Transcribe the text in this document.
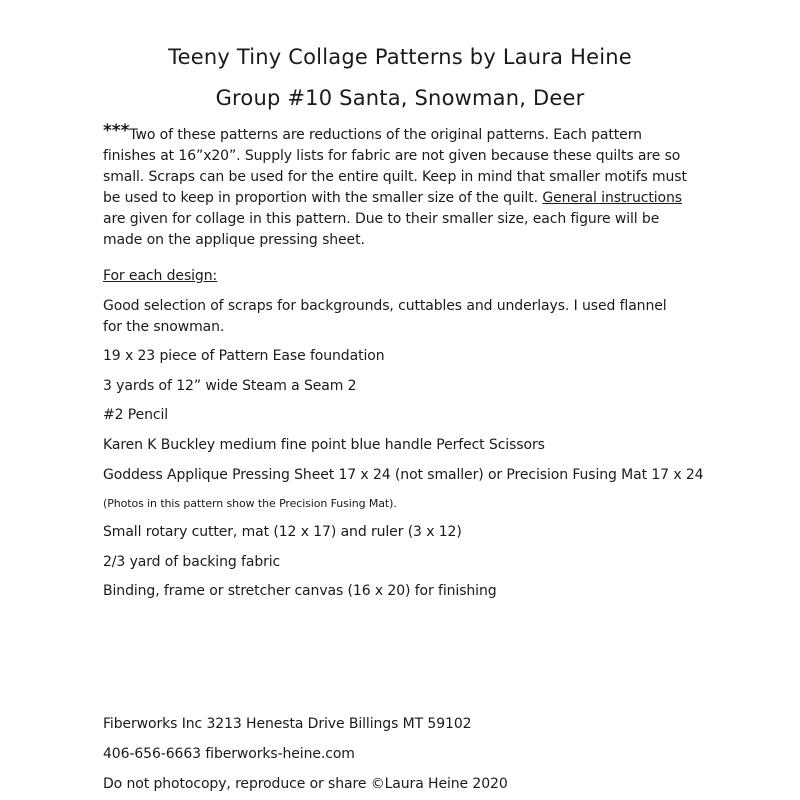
Teeny Tiny Collage Patterns by Laura Heine
Group #10 Santa, Snowman, Deer
***Two of these patterns are reductions of the original patterns. Each pattern finishes at 16”x20”. Supply lists for fabric are not given because these quilts are so small. Scraps can be used for the entire quilt. Keep in mind that smaller motifs must be used to keep in proportion with the smaller size of the quilt. General instructions are given for collage in this pattern. Due to their smaller size, each figure will be made on the applique pressing sheet.
For each design:
Good selection of scraps for backgrounds, cuttables and underlays. I used flannel for the snowman.
19 x 23 piece of Pattern Ease foundation
3 yards of 12” wide Steam a Seam 2
#2 Pencil
Karen K Buckley medium fine point blue handle Perfect Scissors
Goddess Applique Pressing Sheet 17 x 24 (not smaller) or Precision Fusing Mat 17 x 24
(Photos in this pattern show the Precision Fusing Mat).
Small rotary cutter, mat (12 x 17) and ruler (3 x 12)
2/3 yard of backing fabric
Binding, frame or stretcher canvas (16 x 20) for finishing
Fiberworks Inc 3213 Henesta Drive Billings MT 59102
406-656-6663 fiberworks-heine.com
Do not photocopy, reproduce or share ©Laura Heine 2020
